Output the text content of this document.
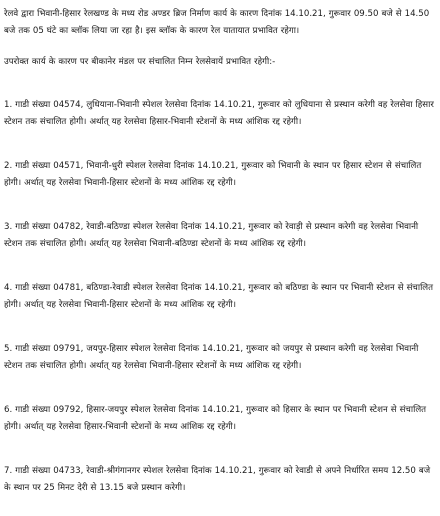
रेलवे द्वारा भिवानी-हिसार रेलखण्ड के मध्य रोड अण्डर ब्रिज निर्माण कार्य के कारण दिनांक 14.10.21, गुरूवार 09.50 बजे से 14.50 बजे तक 05 घंटे का ब्लॉक लिया जा रहा है। इस ब्लॉक के कारण रेल यातायात प्रभावित रहेगा।

उपरोक्त कार्य के कारण पर बीकानेर मंडल पर संचालित निम्न रेलसेवायें प्रभावित रहेगी:-

1. गाडी संख्या 04574, लुधियाना-भिवानी स्पेशल रेलसेवा दिनांक 14.10.21, गुरूवार को लुधियाना से प्रस्थान करेगी वह रेलसेवा हिसार स्टेशन तक संचालित होगी। अर्थात् यह रेलसेवा हिसार-भिवानी स्टेशनों के मध्य आंशिक रद्द रहेगी।

2. गाडी संख्या 04571, भिवानी-धुरी स्पेशल रेलसेवा दिनांक 14.10.21, गुरूवार को भिवानी के स्थान पर हिसार स्टेशन से संचालित होगी। अर्थात् यह रेलसेवा भिवानी-हिसार स्टेशनों के मध्य आंशिक रद्द रहेगी।

3. गाडी संख्या 04782, रेवाडी-बठिण्डा स्पेशल रेलसेवा दिनांक 14.10.21, गुरूवार को रेवाड़ी से प्रस्थान करेगी वह रेलसेवा भिवानी स्टेशन तक संचालित होगी। अर्थात् यह रेलसेवा भिवानी-बठिण्डा स्टेशनों के मध्य आंशिक रद्द रहेगी।

4. गाडी संख्या 04781, बठिण्डा-रेवाडी स्पेशल रेलसेवा दिनांक 14.10.21, गुरूवार को बठिण्डा के स्थान पर भिवानी स्टेशन से संचालित होगी। अर्थात् यह रेलसेवा भिवानी-हिसार स्टेशनों के मध्य आंशिक रद्द रहेगी।

5. गाडी संख्या 09791, जयपुर-हिसार स्पेशल रेलसेवा दिनांक 14.10.21, गुरूवार को जयपुर से प्रस्थान करेगी वह रेलसेवा भिवानी स्टेशन तक संचालित होगी। अर्थात् यह रेलसेवा भिवानी-हिसार स्टेशनों के मध्य आंशिक रद्द रहेगी।

6. गाडी संख्या 09792, हिसार-जयपुर स्पेशल रेलसेवा दिनांक 14.10.21, गुरूवार को हिसार के स्थान पर भिवानी स्टेशन से संचालित होगी। अर्थात् यह रेलसेवा हिसार-भिवानी स्टेशनों के मध्य आंशिक रद्द रहेगी।

7. गाडी संख्या 04733, रेवाडी-श्रीगंगानगर स्पेशल रेलसेवा दिनांक 14.10.21, गुरूवार को रेवाडी से अपने निर्धारित समय 12.50 बजे के स्थान पर 25 मिनट देरी से 13.15 बजे प्रस्थान करेगी।
